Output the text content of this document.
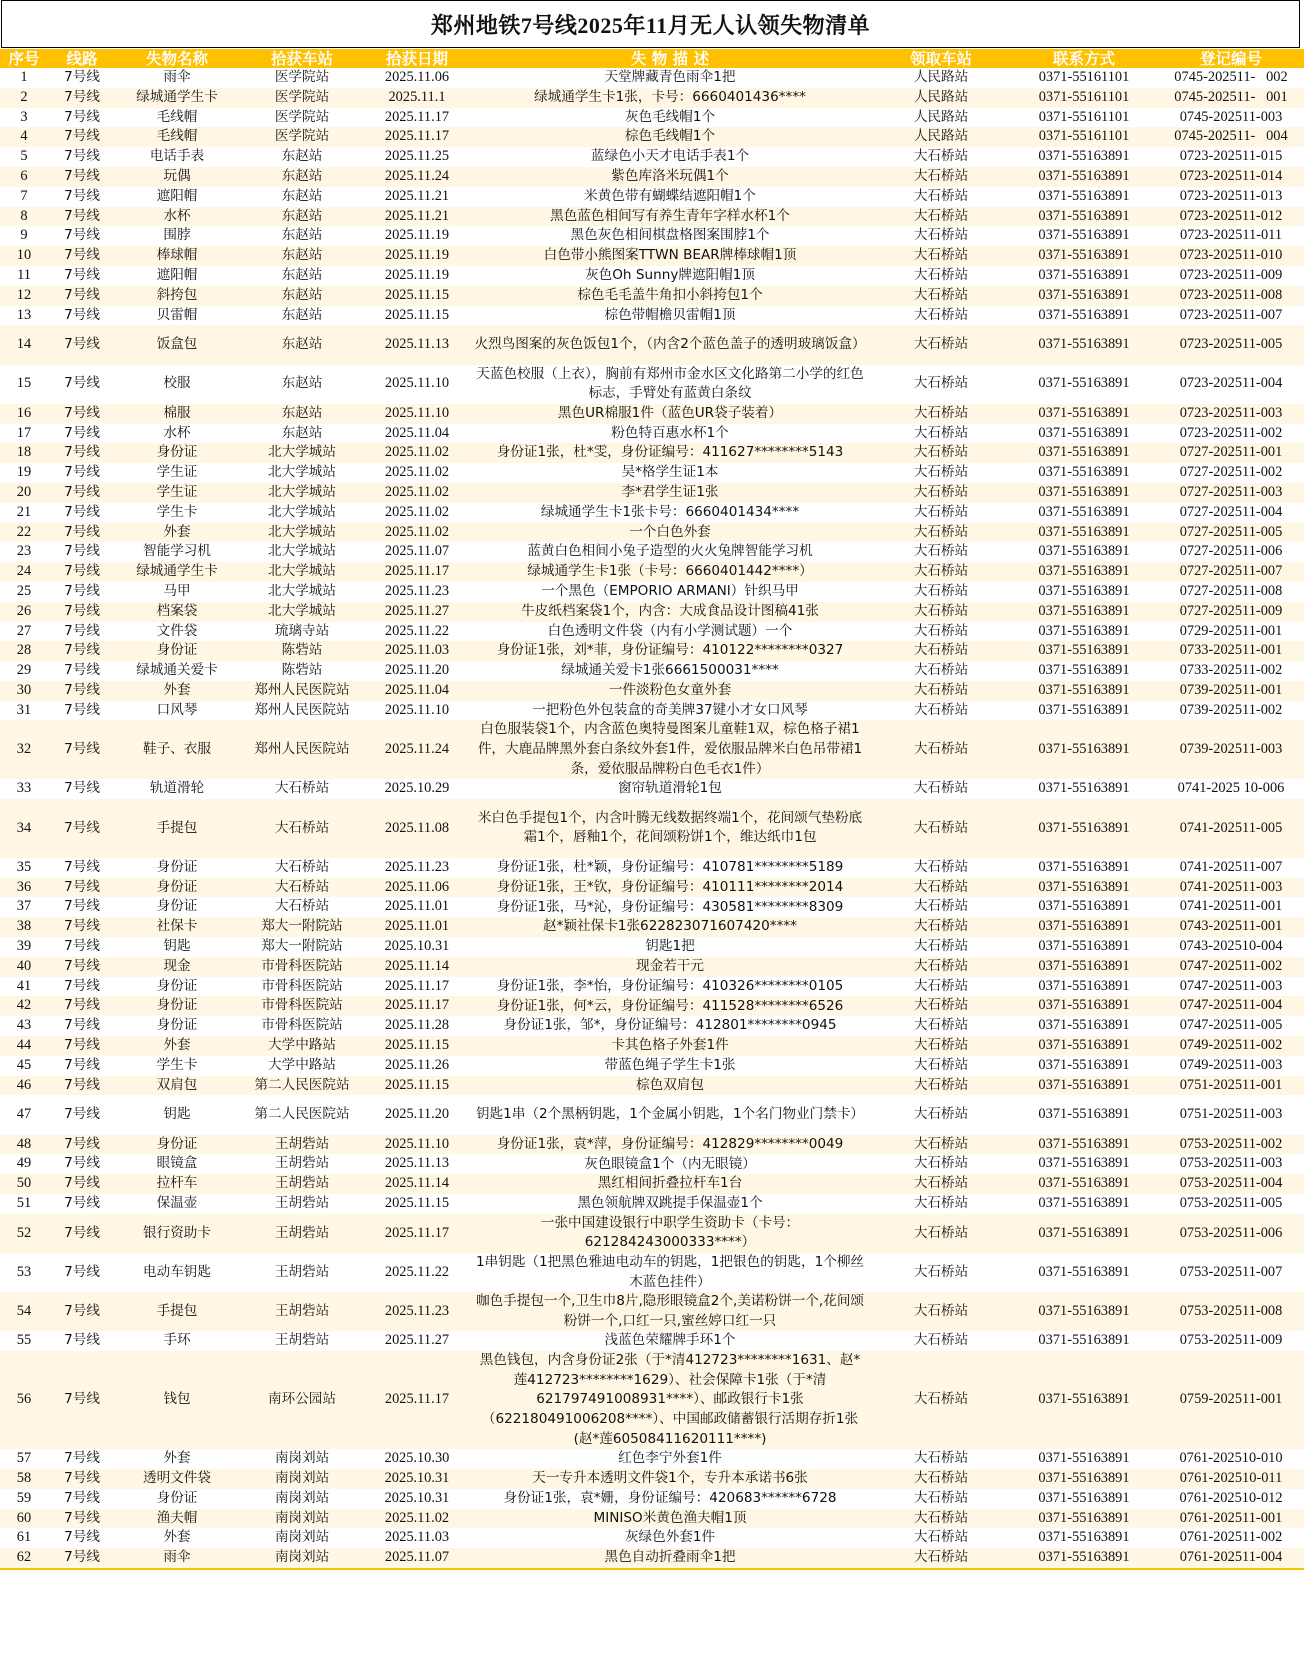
郑州地铁7号线2025年11月无人认领失物清单
序号	线路	失物名称	拾获车站	拾获日期	失 物 描 述	领取车站	联系方式	登记编号
1	7号线	雨伞	医学院站	2025.11.06	天堂牌藏青色雨伞1把	人民路站	0371-55161101	0745-202511-   002
2	7号线	绿城通学生卡	医学院站	2025.11.1	绿城通学生卡1张，卡号：6660401436****	人民路站	0371-55161101	0745-202511-   001
3	7号线	毛线帽	医学院站	2025.11.17	灰色毛线帽1个	人民路站	0371-55161101	0745-202511-003
4	7号线	毛线帽	医学院站	2025.11.17	棕色毛线帽1个	人民路站	0371-55161101	0745-202511-   004
5	7号线	电话手表	东赵站	2025.11.25	蓝绿色小天才电话手表1个	大石桥站	0371-55163891	0723-202511-015
6	7号线	玩偶	东赵站	2025.11.24	紫色库洛米玩偶1个	大石桥站	0371-55163891	0723-202511-014
7	7号线	遮阳帽	东赵站	2025.11.21	米黄色带有蝴蝶结遮阳帽1个	大石桥站	0371-55163891	0723-202511-013
8	7号线	水杯	东赵站	2025.11.21	黑色蓝色相间写有养生青年字样水杯1个	大石桥站	0371-55163891	0723-202511-012
9	7号线	围脖	东赵站	2025.11.19	黑色灰色相间棋盘格图案围脖1个	大石桥站	0371-55163891	0723-202511-011
10	7号线	棒球帽	东赵站	2025.11.19	白色带小熊图案TTWN BEAR牌棒球帽1顶	大石桥站	0371-55163891	0723-202511-010
11	7号线	遮阳帽	东赵站	2025.11.19	灰色Oh Sunny牌遮阳帽1顶	大石桥站	0371-55163891	0723-202511-009
12	7号线	斜挎包	东赵站	2025.11.15	棕色毛毛盖牛角扣小斜挎包1个	大石桥站	0371-55163891	0723-202511-008
13	7号线	贝雷帽	东赵站	2025.11.15	棕色带帽檐贝雷帽1顶	大石桥站	0371-55163891	0723-202511-007
14	7号线	饭盒包	东赵站	2025.11.13	火烈鸟图案的灰色饭包1个，（内含2个蓝色盖子的透明玻璃饭盒）	大石桥站	0371-55163891	0723-202511-005
15	7号线	校服	东赵站	2025.11.10	天蓝色校服（上衣），胸前有郑州市金水区文化路第二小学的红色标志，手臂处有蓝黄白条纹	大石桥站	0371-55163891	0723-202511-004
16	7号线	棉服	东赵站	2025.11.10	黑色UR棉服1件（蓝色UR袋子装着）	大石桥站	0371-55163891	0723-202511-003
17	7号线	水杯	东赵站	2025.11.04	粉色特百惠水杯1个	大石桥站	0371-55163891	0723-202511-002
18	7号线	身份证	北大学城站	2025.11.02	身份证1张，杜*雯，身份证编号：411627********5143	大石桥站	0371-55163891	0727-202511-001
19	7号线	学生证	北大学城站	2025.11.02	吴*格学生证1本	大石桥站	0371-55163891	0727-202511-002
20	7号线	学生证	北大学城站	2025.11.02	李*君学生证1张	大石桥站	0371-55163891	0727-202511-003
21	7号线	学生卡	北大学城站	2025.11.02	绿城通学生卡1张卡号：6660401434****	大石桥站	0371-55163891	0727-202511-004
22	7号线	外套	北大学城站	2025.11.02	一个白色外套	大石桥站	0371-55163891	0727-202511-005
23	7号线	智能学习机	北大学城站	2025.11.07	蓝黄白色相间小兔子造型的火火兔牌智能学习机	大石桥站	0371-55163891	0727-202511-006
24	7号线	绿城通学生卡	北大学城站	2025.11.17	绿城通学生卡1张（卡号：6660401442****）	大石桥站	0371-55163891	0727-202511-007
25	7号线	马甲	北大学城站	2025.11.23	一个黑色（EMPORIO ARMANI）针织马甲	大石桥站	0371-55163891	0727-202511-008
26	7号线	档案袋	北大学城站	2025.11.27	牛皮纸档案袋1个，内含：大成食品设计图稿41张	大石桥站	0371-55163891	0727-202511-009
27	7号线	文件袋	琉璃寺站	2025.11.22	白色透明文件袋（内有小学测试题）一个	大石桥站	0371-55163891	0729-202511-001
28	7号线	身份证	陈砦站	2025.11.03	身份证1张，刘*菲，身份证编号：410122********0327	大石桥站	0371-55163891	0733-202511-001
29	7号线	绿城通关爱卡	陈砦站	2025.11.20	绿城通关爱卡1张6661500031****	大石桥站	0371-55163891	0733-202511-002
30	7号线	外套	郑州人民医院站	2025.11.04	一件淡粉色女童外套	大石桥站	0371-55163891	0739-202511-001
31	7号线	口风琴	郑州人民医院站	2025.11.10	一把粉色外包装盒的奇美牌37键小才女口风琴	大石桥站	0371-55163891	0739-202511-002
32	7号线	鞋子、衣服	郑州人民医院站	2025.11.24	白色服装袋1个，内含蓝色奥特曼图案儿童鞋1双，棕色格子裙1件，大鹿品牌黑外套白条纹外套1件，爱依服品牌米白色吊带裙1条，爱依服品牌粉白色毛衣1件）	大石桥站	0371-55163891	0739-202511-003
33	7号线	轨道滑轮	大石桥站	2025.10.29	窗帘轨道滑轮1包	大石桥站	0371-55163891	0741-2025 10-006
34	7号线	手提包	大石桥站	2025.11.08	米白色手提包1个，内含叶腾无线数据终端1个，花间颂气垫粉底霜1个，唇釉1个，花间颂粉饼1个，维达纸巾1包	大石桥站	0371-55163891	0741-202511-005
35	7号线	身份证	大石桥站	2025.11.23	身份证1张，杜*颖，身份证编号：410781********5189	大石桥站	0371-55163891	0741-202511-007
36	7号线	身份证	大石桥站	2025.11.06	身份证1张，王*钦，身份证编号：410111********2014	大石桥站	0371-55163891	0741-202511-003
37	7号线	身份证	大石桥站	2025.11.01	身份证1张，马*沁，身份证编号：430581********8309	大石桥站	0371-55163891	0741-202511-001
38	7号线	社保卡	郑大一附院站	2025.11.01	赵*颖社保卡1张622823071607420****	大石桥站	0371-55163891	0743-202511-001
39	7号线	钥匙	郑大一附院站	2025.10.31	钥匙1把	大石桥站	0371-55163891	0743-202510-004
40	7号线	现金	市骨科医院站	2025.11.14	现金若干元	大石桥站	0371-55163891	0747-202511-002
41	7号线	身份证	市骨科医院站	2025.11.17	身份证1张，李*怡，身份证编号：410326********0105	大石桥站	0371-55163891	0747-202511-003
42	7号线	身份证	市骨科医院站	2025.11.17	身份证1张，何*云，身份证编号：411528********6526	大石桥站	0371-55163891	0747-202511-004
43	7号线	身份证	市骨科医院站	2025.11.28	身份证1张，邹*，身份证编号：412801********0945	大石桥站	0371-55163891	0747-202511-005
44	7号线	外套	大学中路站	2025.11.15	卡其色格子外套1件	大石桥站	0371-55163891	0749-202511-002
45	7号线	学生卡	大学中路站	2025.11.26	带蓝色绳子学生卡1张	大石桥站	0371-55163891	0749-202511-003
46	7号线	双肩包	第二人民医院站	2025.11.15	棕色双肩包	大石桥站	0371-55163891	0751-202511-001
47	7号线	钥匙	第二人民医院站	2025.11.20	钥匙1串（2个黑柄钥匙，1个金属小钥匙，1个名门物业门禁卡）	大石桥站	0371-55163891	0751-202511-003
48	7号线	身份证	王胡砦站	2025.11.10	身份证1张，袁*萍，身份证编号：412829********0049	大石桥站	0371-55163891	0753-202511-002
49	7号线	眼镜盒	王胡砦站	2025.11.13	灰色眼镜盒1个（内无眼镜）	大石桥站	0371-55163891	0753-202511-003
50	7号线	拉杆车	王胡砦站	2025.11.14	黑红相间折叠拉杆车1台	大石桥站	0371-55163891	0753-202511-004
51	7号线	保温壶	王胡砦站	2025.11.15	黑色领航牌双跳提手保温壶1个	大石桥站	0371-55163891	0753-202511-005
52	7号线	银行资助卡	王胡砦站	2025.11.17	一张中国建设银行中职学生资助卡（卡号：621284243000333****）	大石桥站	0371-55163891	0753-202511-006
53	7号线	电动车钥匙	王胡砦站	2025.11.22	1串钥匙（1把黑色雅迪电动车的钥匙，1把银色的钥匙，1个柳丝木蓝色挂件）	大石桥站	0371-55163891	0753-202511-007
54	7号线	手提包	王胡砦站	2025.11.23	咖色手提包一个,卫生巾8片,隐形眼镜盒2个,美诺粉饼一个,花间颂粉饼一个,口红一只,蜜丝婷口红一只	大石桥站	0371-55163891	0753-202511-008
55	7号线	手环	王胡砦站	2025.11.27	浅蓝色荣耀牌手环1个	大石桥站	0371-55163891	0753-202511-009
56	7号线	钱包	南环公园站	2025.11.17	黑色钱包，内含身份证2张（于*清412723********1631、赵*莲412723********1629）、社会保障卡1张（于*清621797491008931****）、邮政银行卡1张（622180491006208****）、中国邮政储蓄银行活期存折1张(赵*莲60508411620111****)	大石桥站	0371-55163891	0759-202511-001
57	7号线	外套	南岗刘站	2025.10.30	红色李宁外套1件	大石桥站	0371-55163891	0761-202510-010
58	7号线	透明文件袋	南岗刘站	2025.10.31	天一专升本透明文件袋1个，专升本承诺书6张	大石桥站	0371-55163891	0761-202510-011
59	7号线	身份证	南岗刘站	2025.10.31	身份证1张，袁*姗，身份证编号：420683******6728	大石桥站	0371-55163891	0761-202510-012
60	7号线	渔夫帽	南岗刘站	2025.11.02	MINISO米黄色渔夫帽1顶	大石桥站	0371-55163891	0761-202511-001
61	7号线	外套	南岗刘站	2025.11.03	灰绿色外套1件	大石桥站	0371-55163891	0761-202511-002
62	7号线	雨伞	南岗刘站	2025.11.07	黑色自动折叠雨伞1把	大石桥站	0371-55163891	0761-202511-004
